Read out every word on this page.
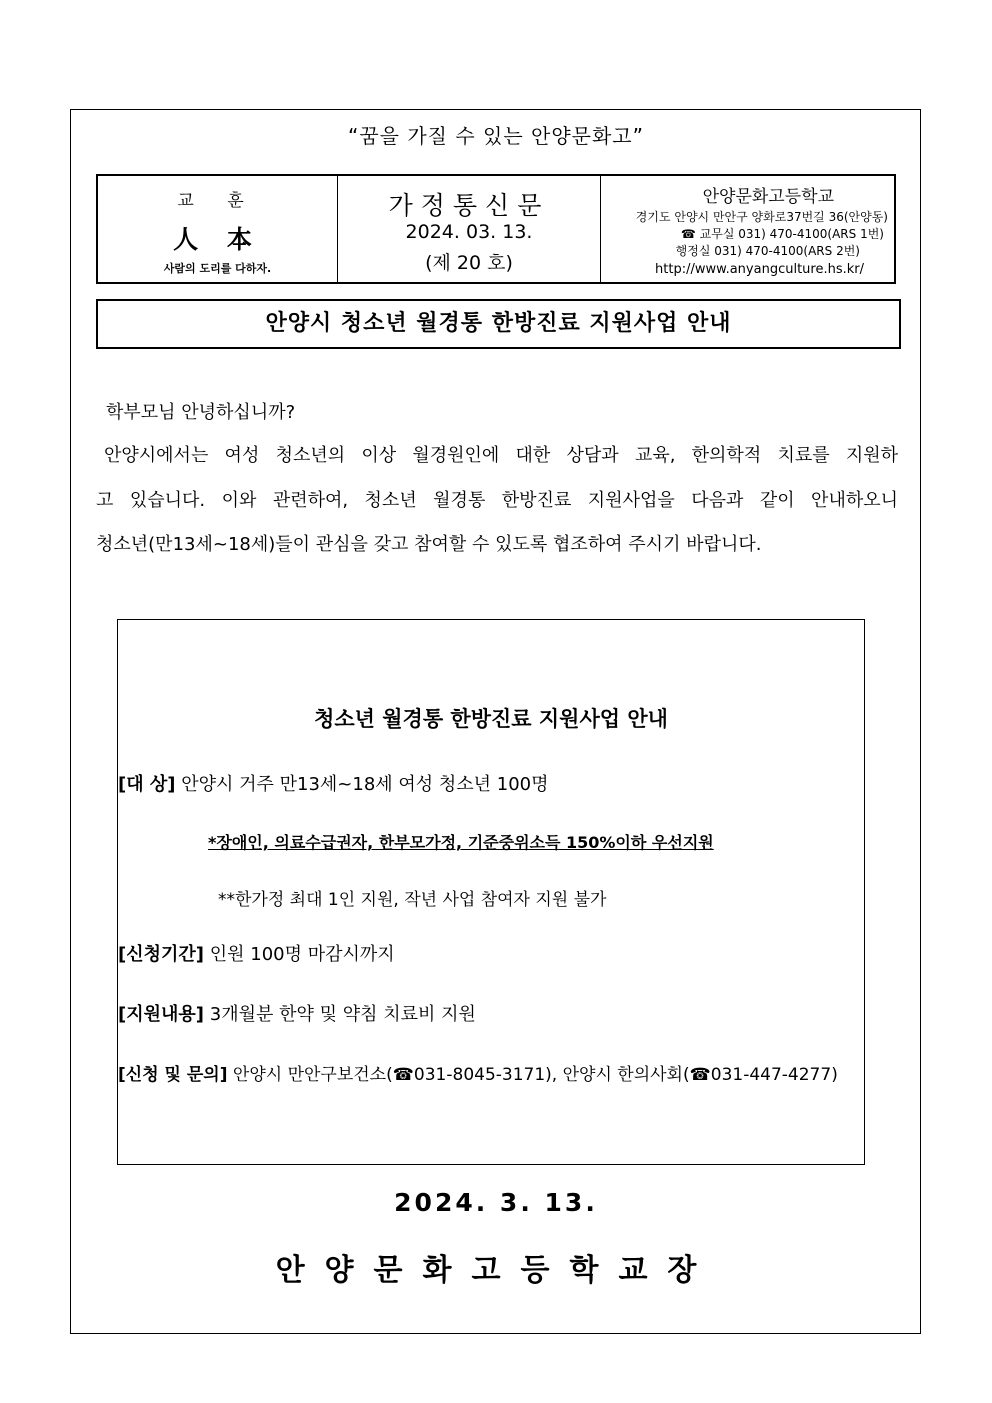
“꿈을 가질 수 있는 안양문화고”
교 훈
人 本
사람의 도리를 다하자.
가정통신문
2024. 03. 13.
(제 20 호)
안양문화고등학교
경기도 안양시 만안구 양화로37번길 36(안양동)
☎ 교무실 031) 470-4100(ARS 1번)
행정실 031) 470-4100(ARS 2번)
http://www.anyangculture.hs.kr/
안양시 청소년 월경통 한방진료 지원사업 안내
학부모님 안녕하십니까?
안양시에서는 여성 청소년의 이상 월경원인에 대한 상담과 교육, 한의학적 치료를 지원하
고 있습니다. 이와 관련하여, 청소년 월경통 한방진료 지원사업을 다음과 같이 안내하오니
청소년(만13세~18세)들이 관심을 갖고 참여할 수 있도록 협조하여 주시기 바랍니다.
청소년 월경통 한방진료 지원사업 안내
[대 상] 안양시 거주 만13세~18세 여성 청소년 100명
*장애인, 의료수급권자, 한부모가정, 기준중위소득 150%이하 우선지원
**한가정 최대 1인 지원, 작년 사업 참여자 지원 불가
[신청기간] 인원 100명 마감시까지
[지원내용] 3개월분 한약 및 약침 치료비 지원
[신청 및 문의] 안양시 만안구보건소(☎031-8045-3171), 안양시 한의사회(☎031-447-4277)
2024. 3. 13.
안양문화고등학교장
